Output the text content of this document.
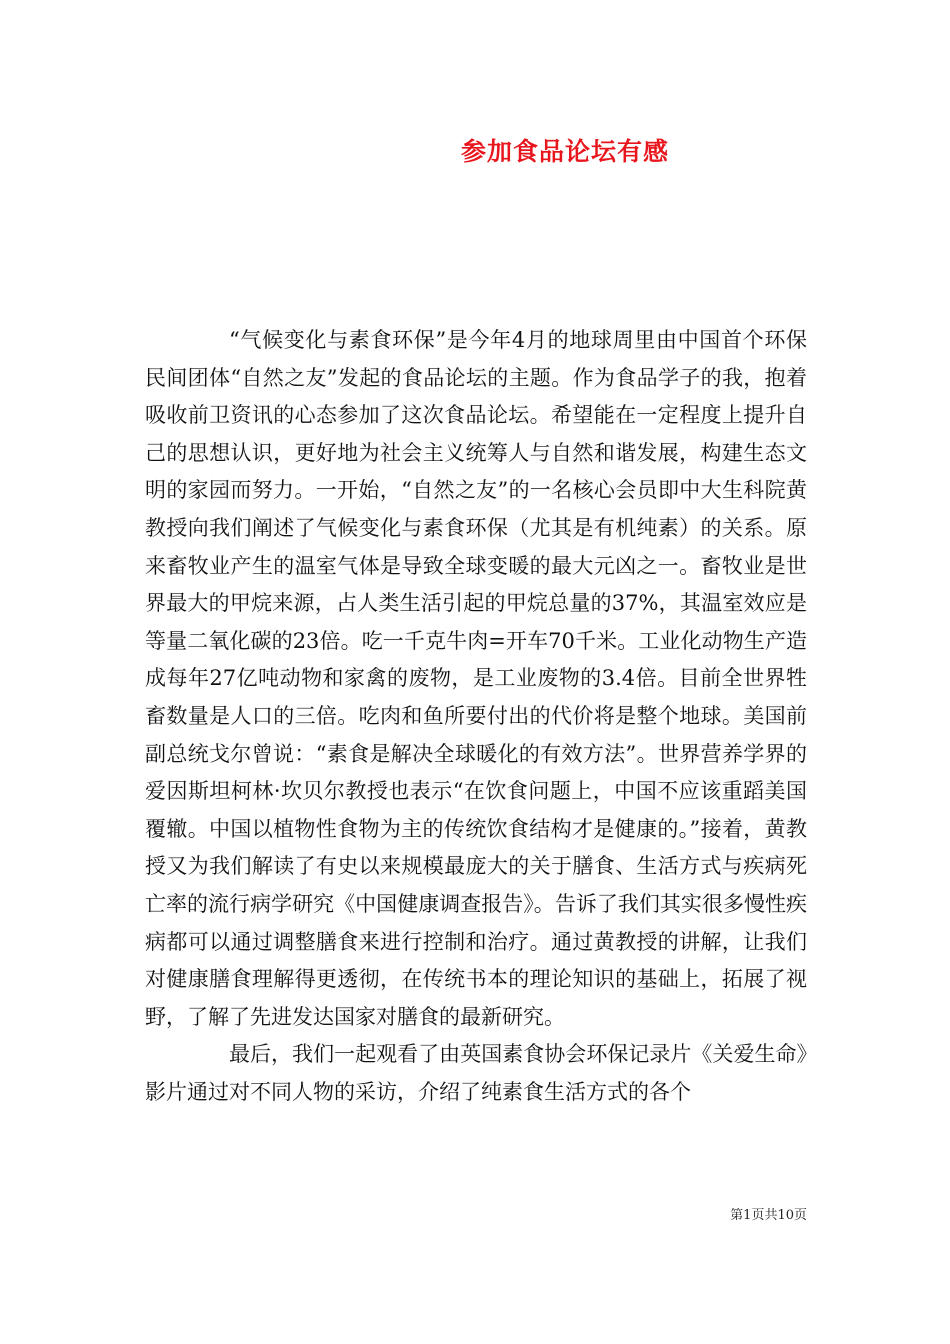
参加食品论坛有感

“气候变化与素食环保”是今年4月的地球周里由中国首个环保民间团体“自然之友”发起的食品论坛的主题。作为食品学子的我，抱着吸收前卫资讯的心态参加了这次食品论坛。希望能在一定程度上提升自己的思想认识，更好地为社会主义统筹人与自然和谐发展，构建生态文明的家园而努力。一开始，“自然之友”的一名核心会员即中大生科院黄教授向我们阐述了气候变化与素食环保（尤其是有机纯素）的关系。原来畜牧业产生的温室气体是导致全球变暖的最大元凶之一。畜牧业是世界最大的甲烷来源，占人类生活引起的甲烷总量的37%，其温室效应是等量二氧化碳的23倍。吃一千克牛肉=开车70千米。工业化动物生产造成每年27亿吨动物和家禽的废物，是工业废物的3.4倍。目前全世界牲畜数量是人口的三倍。吃肉和鱼所要付出的代价将是整个地球。美国前副总统戈尔曾说：“素食是解决全球暖化的有效方法”。世界营养学界的爱因斯坦柯林·坎贝尔教授也表示“在饮食问题上，中国不应该重蹈美国覆辙。中国以植物性食物为主的传统饮食结构才是健康的。”接着，黄教授又为我们解读了有史以来规模最庞大的关于膳食、生活方式与疾病死亡率的流行病学研究《中国健康调查报告》。告诉了我们其实很多慢性疾病都可以通过调整膳食来进行控制和治疗。通过黄教授的讲解，让我们对健康膳食理解得更透彻，在传统书本的理论知识的基础上，拓展了视野，了解了先进发达国家对膳食的最新研究。

最后，我们一起观看了由英国素食协会环保记录片《关爱生命》影片通过对不同人物的采访，介绍了纯素食生活方式的各个

第1页共10页
